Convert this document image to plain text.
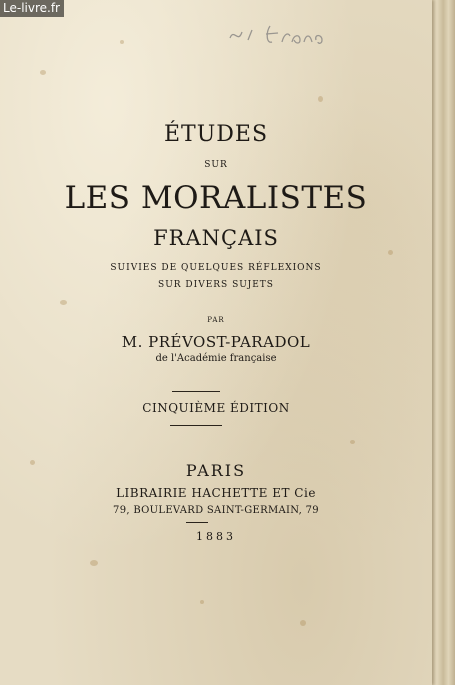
ÉTUDES
SUR
LES MORALISTES
FRANÇAIS
SUIVIES DE QUELQUES RÉFLEXIONS
SUR DIVERS SUJETS
PAR
M. PRÉVOST-PARADOL
de l'Académie française
CINQUIÈME ÉDITION
PARIS
LIBRAIRIE HACHETTE ET Cie
79, BOULEVARD SAINT-GERMAIN, 79
1883
Le-livre.fr
